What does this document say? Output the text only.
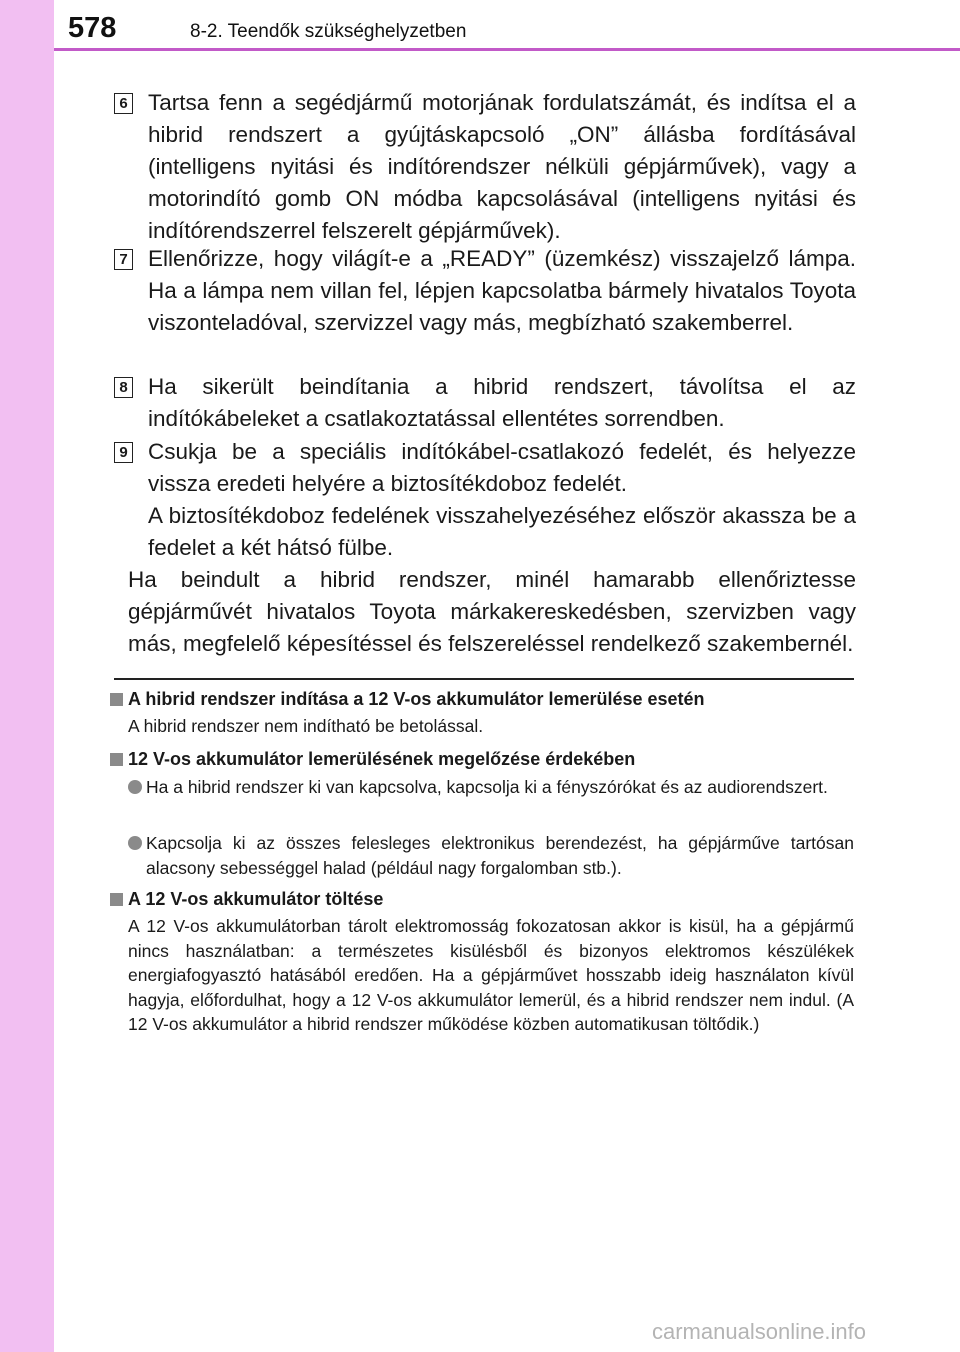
578	8-2. Teendők szükséghelyzetben
6 Tartsa fenn a segédjármű motorjának fordulatszámát, és indítsa el a hibrid rendszert a gyújtáskapcsoló „ON” állásba fordításával (intelligens nyitási és indítórendszer nélküli gépjárművek), vagy a motorindító gomb ON módba kapcsolásával (intelligens nyitási és indítórendszerrel felszerelt gépjárművek).
7 Ellenőrizze, hogy világít-e a „READY” (üzemkész) visszajelző lámpa. Ha a lámpa nem villan fel, lépjen kapcsolatba bármely hivatalos Toyota viszonteladóval, szervizzel vagy más, megbízható szakemberrel.
8 Ha sikerült beindítania a hibrid rendszert, távolítsa el az indítókábeleket a csatlakoztatással ellentétes sorrendben.
9 Csukja be a speciális indítókábel-csatlakozó fedelét, és helyezze vissza eredeti helyére a biztosítékdoboz fedelét.
A biztosítékdoboz fedelének visszahelyezéséhez először akassza be a fedelet a két hátsó fülbe.
Ha beindult a hibrid rendszer, minél hamarabb ellenőriztesse gépjárművét hivatalos Toyota márkakereskedésben, szervizben vagy más, megfelelő képesítéssel és felszereléssel rendelkező szakembernél.
A hibrid rendszer indítása a 12 V-os akkumulátor lemerülése esetén
A hibrid rendszer nem indítható be betolással.
12 V-os akkumulátor lemerülésének megelőzése érdekében
Ha a hibrid rendszer ki van kapcsolva, kapcsolja ki a fényszórókat és az audiorendszert.
Kapcsolja ki az összes felesleges elektronikus berendezést, ha gépjárműve tartósan alacsony sebességgel halad (például nagy forgalomban stb.).
A 12 V-os akkumulátor töltése
A 12 V-os akkumulátorban tárolt elektromosság fokozatosan akkor is kisül, ha a gépjármű nincs használatban: a természetes kisülésből és bizonyos elektromos készülékek energiafogyasztó hatásából eredően. Ha a gépjárművet hosszabb ideig használaton kívül hagyja, előfordulhat, hogy a 12 V-os akkumulátor lemerül, és a hibrid rendszer nem indul. (A 12 V-os akkumulátor a hibrid rendszer működése közben automatikusan töltődik.)
carmanualsonline.info
